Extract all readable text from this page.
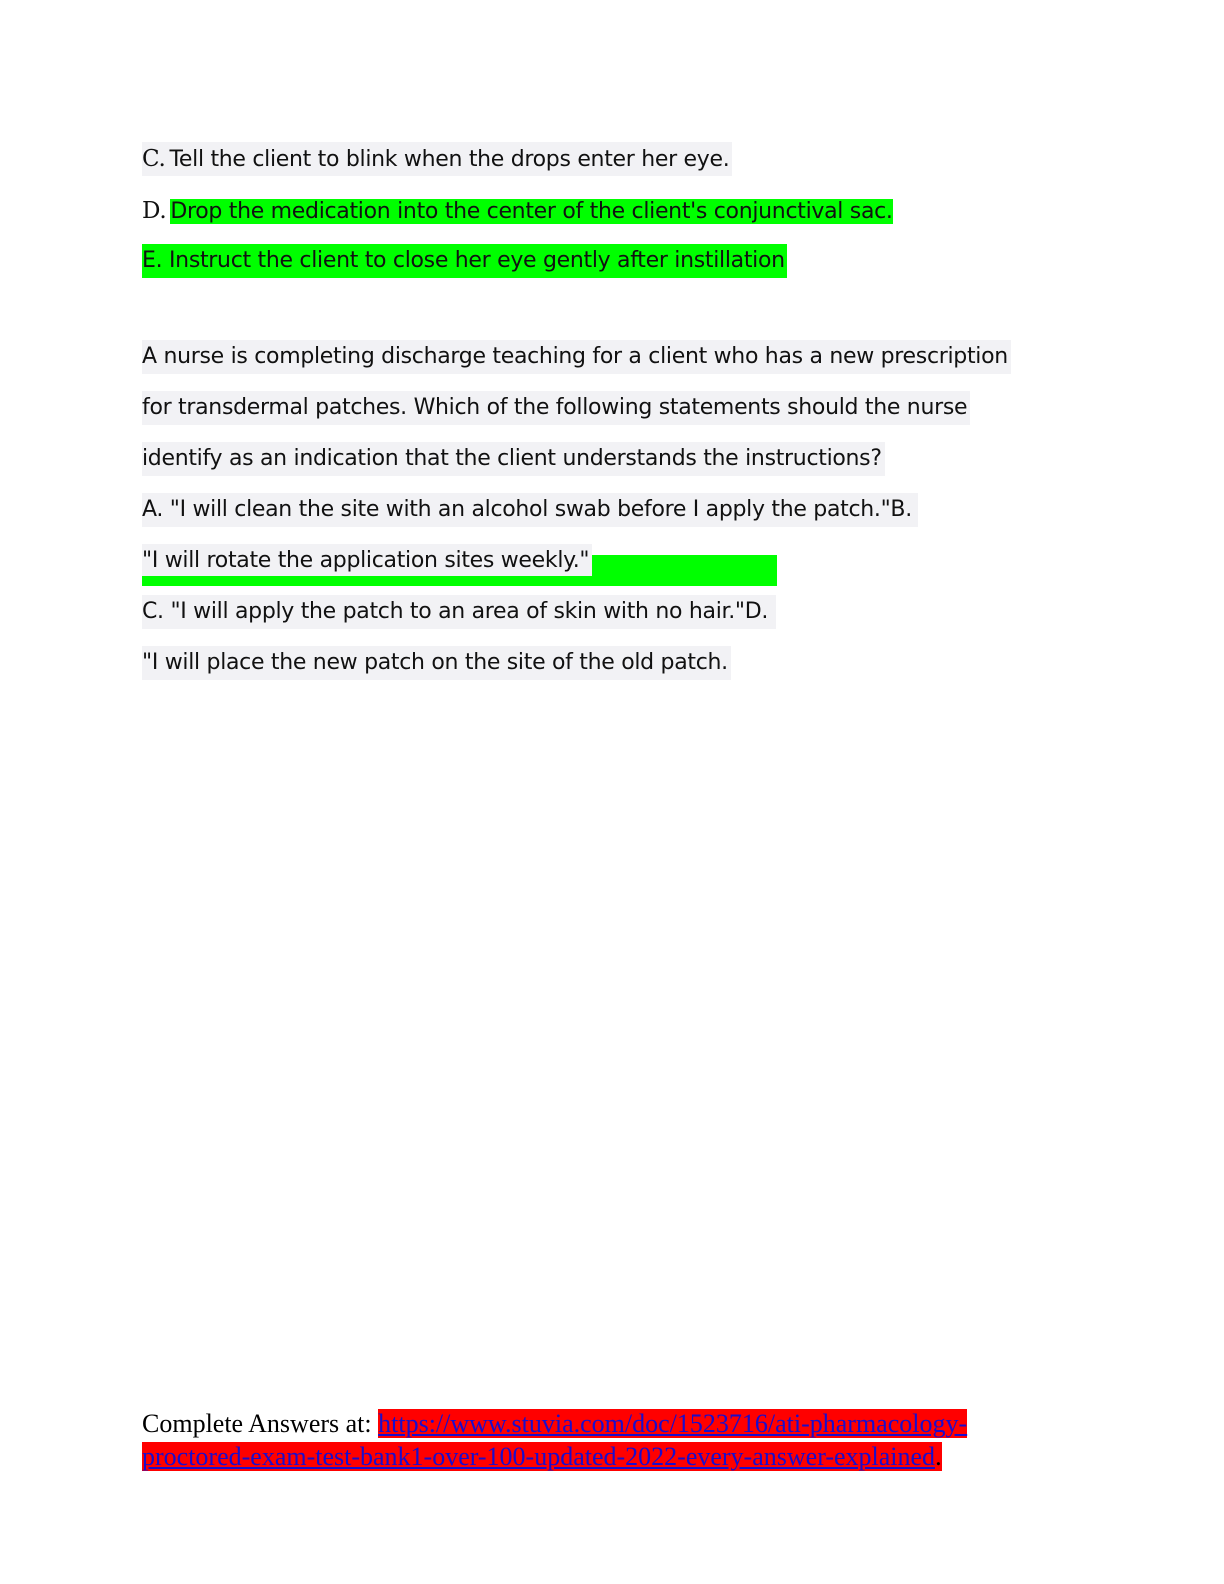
C. Tell the client to blink when the drops enter her eye.
D. Drop the medication into the center of the client's conjunctival sac.
E. Instruct the client to close her eye gently after instillation
A nurse is completing discharge teaching for a client who has a new prescription
for transdermal patches. Which of the following statements should the nurse
identify as an indication that the client understands the instructions?
A. "I will clean the site with an alcohol swab before I apply the patch."B.
"I will rotate the application sites weekly."
C. "I will apply the patch to an area of skin with no hair."D.
"I will place the new patch on the site of the old patch.
Complete Answers at: https://www.stuvia.com/doc/1523716/ati-pharmacology-proctored-exam-test-bank1-over-100-updated-2022-every-answer-explained.
